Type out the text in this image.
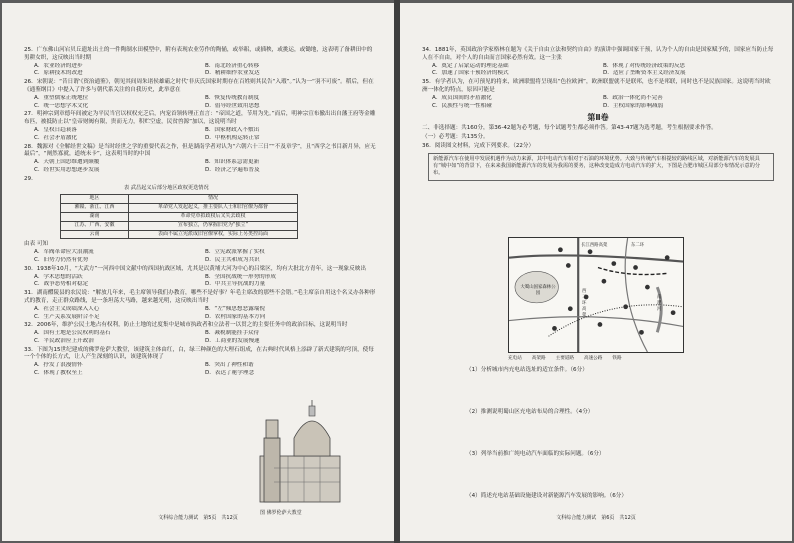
25．广东佛山河宕贝丘遗址出土的一件陶制水田模型中，附有表现农业劳作的陶俑，或举耜，或插秧，或挑运，或锄地，这表明了备耕田中的男耕女织，这反映出当时期
A．农业经济的进步	B．南北经济重心转移
C．原耕技术的改进	D．精耕细作农业发达
26．宋朝说：“昔日谓‘《资治通鉴》，朝见其间周朱诸侯雄霸之时代’非庆氏国家时期存在百姓则其民告“入瑕”。”认为一“羽不可废”。稻后，但在《通鉴纲目》中提入了许多与朝代系关注的自我历史，此举意在
A．重塑儒家正统地位	B．恢复传统教育制度
C．统一思想学术文化	D．倡导经世致用思想
27．明神宗到章德年间被定为平民当官以权权充乏后，内宠首领转理正直言：“帝国之道，节用为先。”而后，明神宗宣布撤出出自藩王府等金雕布匹，被抵防止以“皇帝财阀有限，贵而无力，积贮空虚，民贫兽源”加以，这说明当时
A．皇权日趋衰落	B．国家财政入不敷出
C．社会矛盾激化	D．中枢机构运转正常
28．魏源对《全解经世文稿》是当时经世之学的重要代表之作，但是湖南学者对认为“六朝六十三日”“不及章学”，且“西学之书目新月异，应无最后”，“阐然寡就，道统未卡”，这表明当时的中国
A．天朝上国思维遭到颠覆	B．知识体系急需更新
C．经世实用思想逐步发展	D．经济之学遍布普及
29．
表 武昌起义后部分地区政权更迭情况
地区	情况
湘赣、浙江、江西	革命党人发起起义，推主要队人士和旧官僚为都督
湖南	革命党草拟政权后又失去政权
江苏、广西、安徽	宣布独立，仍掌握旧党为“独立”
云南	表面不属立宪派成旧官僚掌权，实际上另类控局面
由表 可知
A．军阀革命应大浪潮流	B．立宪政派掌握了实权
C．旧势力仍然有优势	D．民主共和成为共识
30．1938年10月，“大武方”一河西中国文献中的西国抗战区域，尤其是以黄埔大河为中心的吕梁区，均有大批北方青年，这一现象反映出
A．学术思想的活跃	B．全国抗战统一形势的形成
C．战争态势相对稳定	D．中共主导抗战的力量
31．湖南醴陵县的农民说：“解放几年来，毛主席领导我们办教育，哪些不是好事？年毛主席改的那些不会错。”毛主席亲自用这个名义办各种形式的教育，走正群众路线，是一条坦荡大马路，越来越光明，这反映出当时
A．社会主义成绩深入人心	B．“左”倾思想恶露端倪
C．生产关系发展阶合不足	D．农村国家的基本方向
32．2006年，维护公民土地占有权利，防止土地的过度集中是城市执政者和立法者一以贯之的主要任务中的政治目标，这说明当时
A．国有土地是公民权利的基石	B．减税制能挂手众待
C．平民政治应上开政治	D．工商业的发展慢速
33．下图为15世纪建成的佛罗伦萨大教堂，该建筑主体由红，白，绿三种颜色的大理石组成，在古典时代风格上添辟了新式建筑的穹顶，使每一个个体的长方式，让人产生深刻的认识，该建筑体现了
A．抒发了浪漫情怀	B．突出了神性和谐
C．体现了教权至上	D．表达了秘学理念
图 佛罗伦萨大教堂
文科综合能力测试　第5页　共12页
34．1881年，英国政治学家格林在题为《关于自由立法和契约自由》的演讲中强调国家干预，认为个人的自由是国家赋予的，国家应当防止每人在不自由，对个人的自由而言国家必然有效。这一主张
A．奠定了启蒙运动的理论基础	B．体现了对传统经济政策的反思
C．加速了国家干预经济的模式	D．适应了垄断资本主义经济发展
35．有学者认为，在可预见的将来，欧洲联盟将呈现出“色拉欧洲”，欧洲联盟就不是联邦，也不是邦联，同时也不是民族国家。这说明当时欧洲一体化的特点，原因可能是
A．成员国间的矛盾激化	B．政治一体化尚不完善
C．民族性与统一性相碰	D．主权国家的影响减弱
第Ⅱ卷
二、非选择题：共160分，第36-42题为必考题，每个试题考生都必须作答。第43-47题为选考题，考生根据要求作答。
（一）必考题：共135分。
36．阅读图文材料，完成下列要求。（22分）
新能源汽车在使用中发展机遇作为动力来源，其中电动汽车相对于石油的环境优势。大致与传统汽车相提较的路线区域，对新能源汽车的发展具有“城中如”的背景下，在来来我国新能源汽车的发展为我需的要务，这种改变造成方电动汽车的扩大，下图是合肥市城区局部分布情况示意的分布。
长江西路高架
大蜀山国家森林公园	西二环高架
南淝河
东二环
充电站 高架路 主要道路 高速公路 铁路
（1）分析城市内充电站选址的适宜条件。（6分）
（2）推测说明蜀山区充电站布局的合理性。（4分）
（3）列举当前推广纯电动汽车面临的实际问题。（6分）
（4）简述充电站基础设施建设对新能源汽车发展的影响。（6分）
文科综合能力测试　第6页　共12页
